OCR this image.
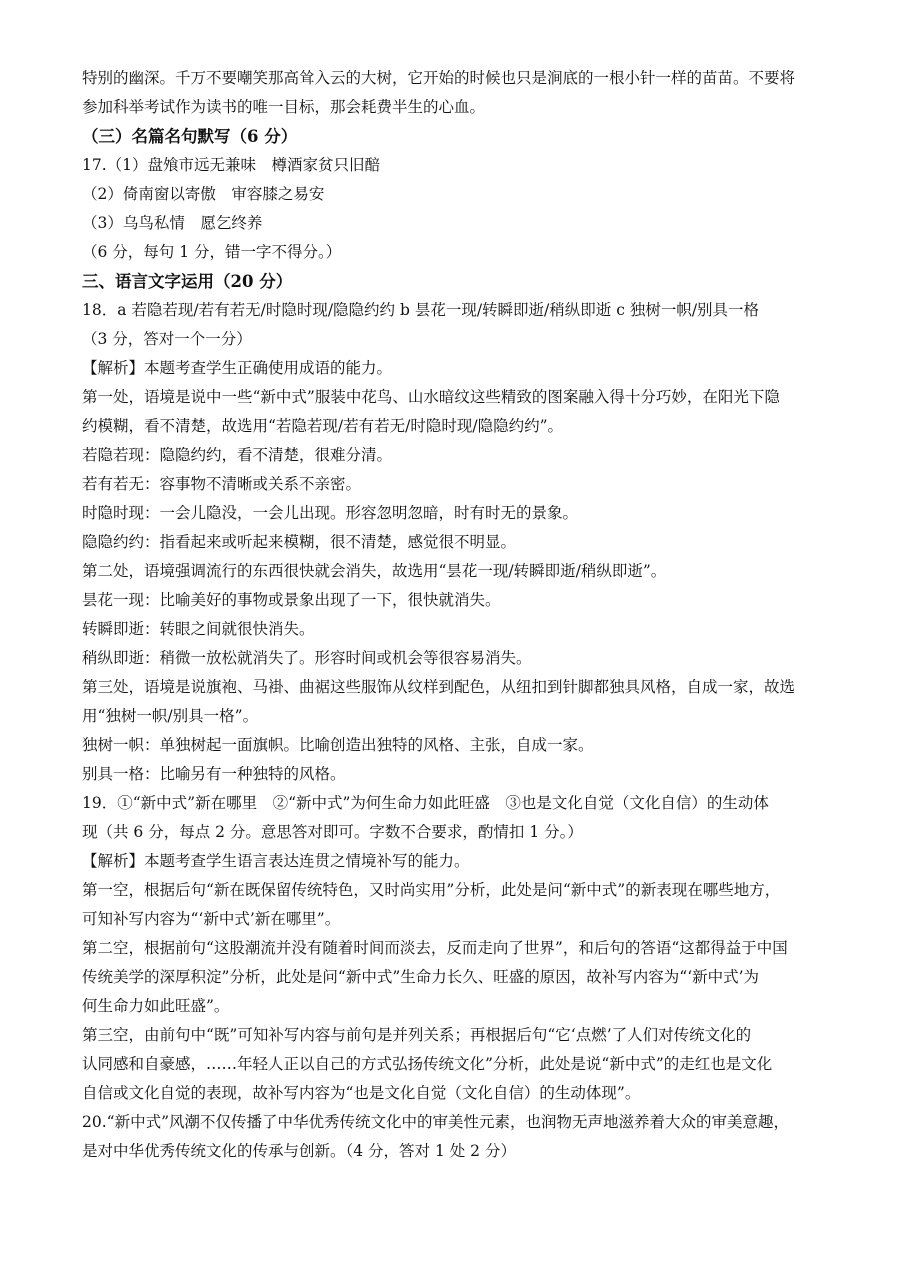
特别的幽深。千万不要嘲笑那高耸入云的大树，它开始的时候也只是涧底的一根小针一样的苗苗。不要将
参加科举考试作为读书的唯一目标，那会耗费半生的心血。
（三）名篇名句默写（6 分）
17.（1）盘飧市远无兼味　樽酒家贫只旧醅
（2）倚南窗以寄傲　审容膝之易安
（3）乌鸟私情　愿乞终养
（6 分，每句 1 分，错一字不得分。）
三、语言文字运用（20 分）
18．a 若隐若现/若有若无/时隐时现/隐隐约约 b 昙花一现/转瞬即逝/稍纵即逝 c 独树一帜/别具一格
（3 分，答对一个一分）
【解析】本题考查学生正确使用成语的能力。
第一处，语境是说中一些“新中式”服装中花鸟、山水暗纹这些精致的图案融入得十分巧妙，在阳光下隐
约模糊，看不清楚，故选用“若隐若现/若有若无/时隐时现/隐隐约约”。
若隐若现：隐隐约约，看不清楚，很难分清。
若有若无：容事物不清晰或关系不亲密。
时隐时现：一会儿隐没，一会儿出现。形容忽明忽暗，时有时无的景象。
隐隐约约：指看起来或听起来模糊，很不清楚，感觉很不明显。
第二处，语境强调流行的东西很快就会消失，故选用“昙花一现/转瞬即逝/稍纵即逝”。
昙花一现：比喻美好的事物或景象出现了一下，很快就消失。
转瞬即逝：转眼之间就很快消失。
稍纵即逝：稍微一放松就消失了。形容时间或机会等很容易消失。
第三处，语境是说旗袍、马褂、曲裾这些服饰从纹样到配色，从纽扣到针脚都独具风格，自成一家，故选
用“独树一帜/别具一格”。
独树一帜：单独树起一面旗帜。比喻创造出独特的风格、主张，自成一家。
别具一格：比喻另有一种独特的风格。
19．①“新中式”新在哪里　②“新中式”为何生命力如此旺盛　③也是文化自觉（文化自信）的生动体
现（共 6 分，每点 2 分。意思答对即可。字数不合要求，酌情扣 1 分。）
【解析】本题考查学生语言表达连贯之情境补写的能力。
第一空，根据后句“新在既保留传统特色，又时尚实用”分析，此处是问“新中式”的新表现在哪些地方，
可知补写内容为“‘新中式’新在哪里”。
第二空，根据前句“这股潮流并没有随着时间而淡去，反而走向了世界”，和后句的答语“这都得益于中国
传统美学的深厚积淀”分析，此处是问“新中式”生命力长久、旺盛的原因，故补写内容为“‘新中式’为
何生命力如此旺盛”。
第三空，由前句中“既”可知补写内容与前句是并列关系；再根据后句“它‘点燃’了人们对传统文化的
认同感和自豪感，……年轻人正以自己的方式弘扬传统文化”分析，此处是说“新中式”的走红也是文化
自信或文化自觉的表现，故补写内容为“也是文化自觉（文化自信）的生动体现”。
20.“新中式”风潮不仅传播了中华优秀传统文化中的审美性元素，也润物无声地滋养着大众的审美意趣，
是对中华优秀传统文化的传承与创新。（4 分，答对 1 处 2 分）
